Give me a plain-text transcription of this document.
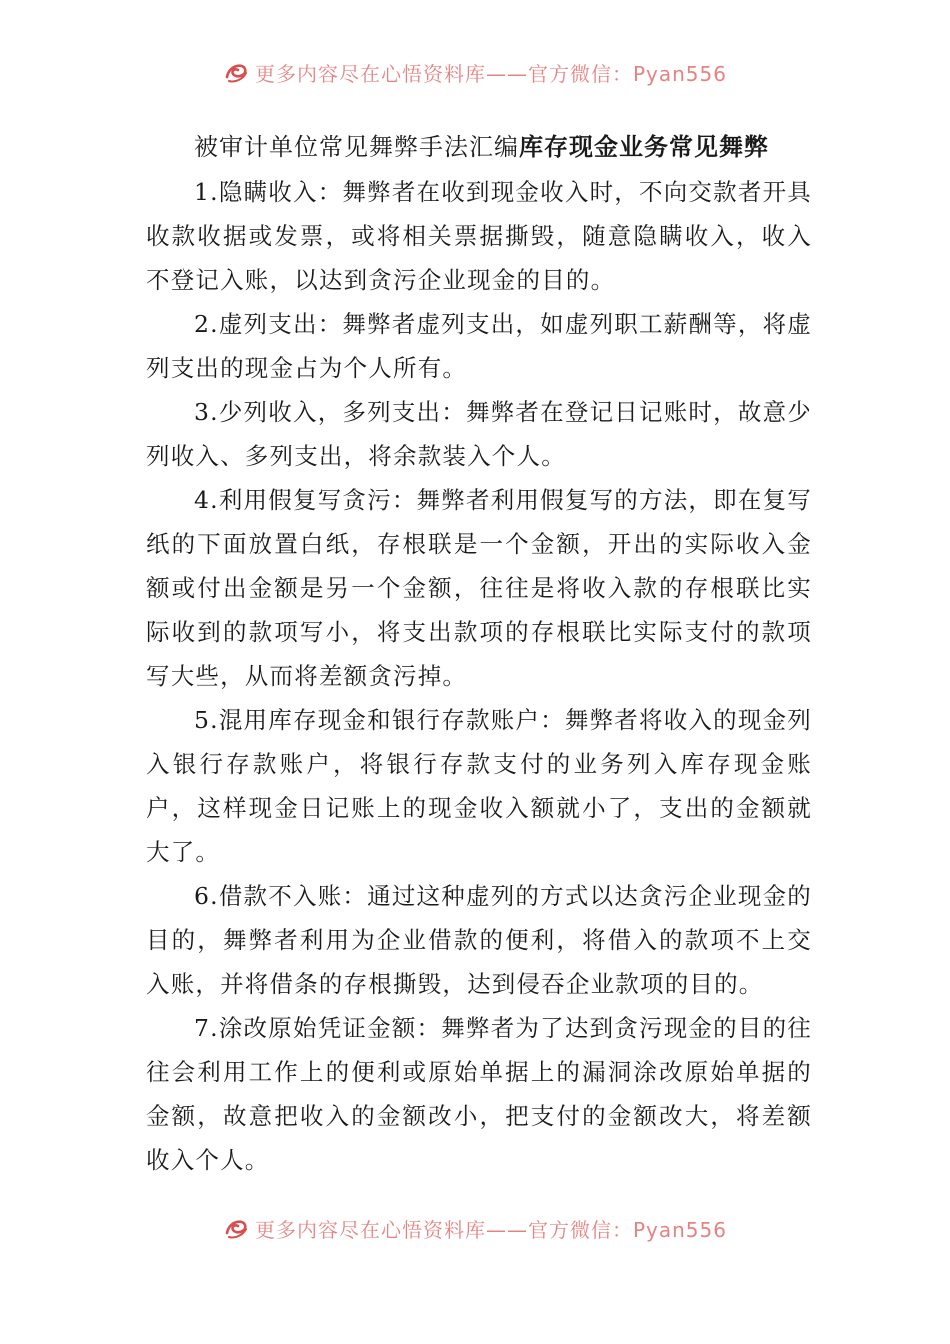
更多内容尽在心悟资料库——官方微信：Pyan556
被审计单位常见舞弊手法汇编库存现金业务常见舞弊

1.隐瞒收入：舞弊者在收到现金收入时，不向交款者开具收款收据或发票，或将相关票据撕毁，随意隐瞒收入，收入不登记入账，以达到贪污企业现金的目的。

2.虚列支出：舞弊者虚列支出，如虚列职工薪酬等，将虚列支出的现金占为个人所有。

3.少列收入，多列支出：舞弊者在登记日记账时，故意少列收入、多列支出，将余款装入个人。

4.利用假复写贪污：舞弊者利用假复写的方法，即在复写纸的下面放置白纸，存根联是一个金额，开出的实际收入金额或付出金额是另一个金额，往往是将收入款的存根联比实际收到的款项写小，将支出款项的存根联比实际支付的款项写大些，从而将差额贪污掉。

5.混用库存现金和银行存款账户：舞弊者将收入的现金列入银行存款账户，将银行存款支付的业务列入库存现金账户，这样现金日记账上的现金收入额就小了，支出的金额就大了。

6.借款不入账：通过这种虚列的方式以达贪污企业现金的目的，舞弊者利用为企业借款的便利，将借入的款项不上交入账，并将借条的存根撕毁，达到侵吞企业款项的目的。

7.涂改原始凭证金额：舞弊者为了达到贪污现金的目的往往会利用工作上的便利或原始单据上的漏洞涂改原始单据的金额，故意把收入的金额改小，把支付的金额改大，将差额收入个人。

更多内容尽在心悟资料库——官方微信：Pyan556
